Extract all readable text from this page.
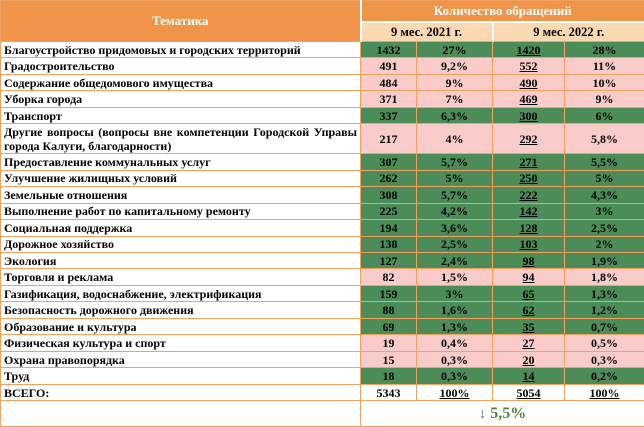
Тематика	Количество обращений			
	9 мес. 2021 г.		9 мес. 2022 г.	
Благоустройство придомовых и городских территорий	1432	27%	1420	28%
Градостроительство	491	9,2%	552	11%
Содержание общедомового имущества	484	9%	490	10%
Уборка города	371	7%	469	9%
Транспорт	337	6,3%	300	6%
Другие вопросы (вопросы вне компетенции Городской Управы города Калуги, благодарности)	217	4%	292	5,8%
Предоставление коммунальных услуг	307	5,7%	271	5,5%
Улучшение жилищных условий	262	5%	250	5%
Земельные отношения	308	5,7%	222	4,3%
Выполнение работ по капитальному ремонту	225	4,2%	142	3%
Социальная поддержка	194	3,6%	128	2,5%
Дорожное хозяйство	138	2,5%	103	2%
Экология	127	2,4%	98	1,9%
Торговля и реклама	82	1,5%	94	1,8%
Газификация, водоснабжение, электрификация	159	3%	65	1,3%
Безопасность дорожного движения	88	1,6%	62	1,2%
Образование и культура	69	1,3%	35	0,7%
Физическая культура и спорт	19	0,4%	27	0,5%
Охрана правопорядка	15	0,3%	20	0,3%
Труд	18	0,3%	14	0,2%
ВСЕГО:	5343	100%	5054	100%
	↓ 5,5%			
